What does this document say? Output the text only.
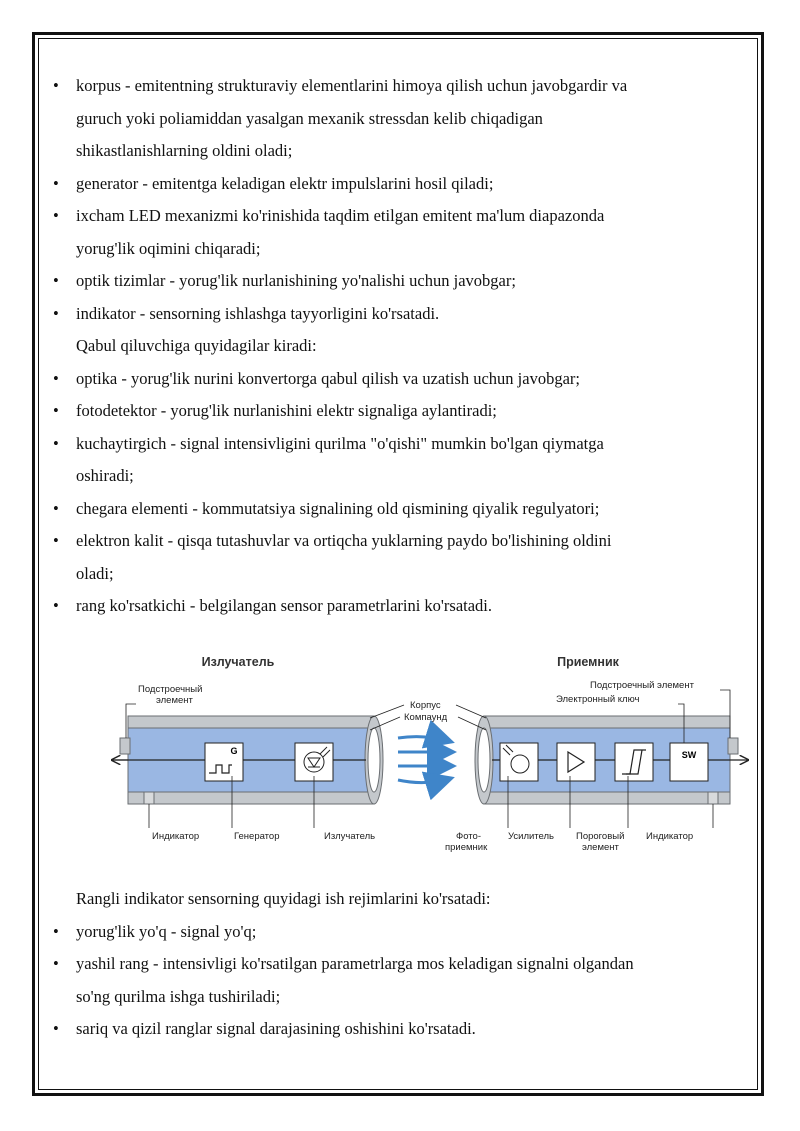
• korpus - emitentning strukturaviy elementlarini himoya qilish uchun javobgardir va
guruch yoki poliamiddan yasalgan mexanik stressdan kelib chiqadigan
shikastlanishlarning oldini oladi;
• generator - emitentga keladigan elektr impulslarini hosil qiladi;
• ixcham LED mexanizmi ko'rinishida taqdim etilgan emitent ma'lum diapazonda
yorug'lik oqimini chiqaradi;
• optik tizimlar - yorug'lik nurlanishining yo'nalishi uchun javobgar;
• indikator - sensorning ishlashga tayyorligini ko'rsatadi.
Qabul qiluvchiga quyidagilar kiradi:
• optika - yorug'lik nurini konvertorga qabul qilish va uzatish uchun javobgar;
• fotodetektor - yorug'lik nurlanishini elektr signaliga aylantiradi;
• kuchaytirgich - signal intensivligini qurilma "o'qishi" mumkin bo'lgan qiymatga
oshiradi;
• chegara elementi - kommutatsiya signalining old qismining qiyalik regulyatori;
• elektron kalit - qisqa tutashuvlar va ortiqcha yuklarning paydo bo'lishining oldini
oladi;
• rang ko'rsatkichi - belgilangan sensor parametrlarini ko'rsatadi.
Излучатель	Приемник
G	SW
Подстроечный
элемент	Корпус
Компаунд
Подстроечный элемент
Электронный ключ
Индикатор	Генератор	Излучатель	Фото-
приемник
Усилитель Пороговый
элемент
Индикатор
Rangli indikator sensorning quyidagi ish rejimlarini ko'rsatadi:
• yorug'lik yo'q - signal yo'q;
• yashil rang - intensivligi ko'rsatilgan parametrlarga mos keladigan signalni olgandan
so'ng qurilma ishga tushiriladi;
• sariq va qizil ranglar signal darajasining oshishini ko'rsatadi.
